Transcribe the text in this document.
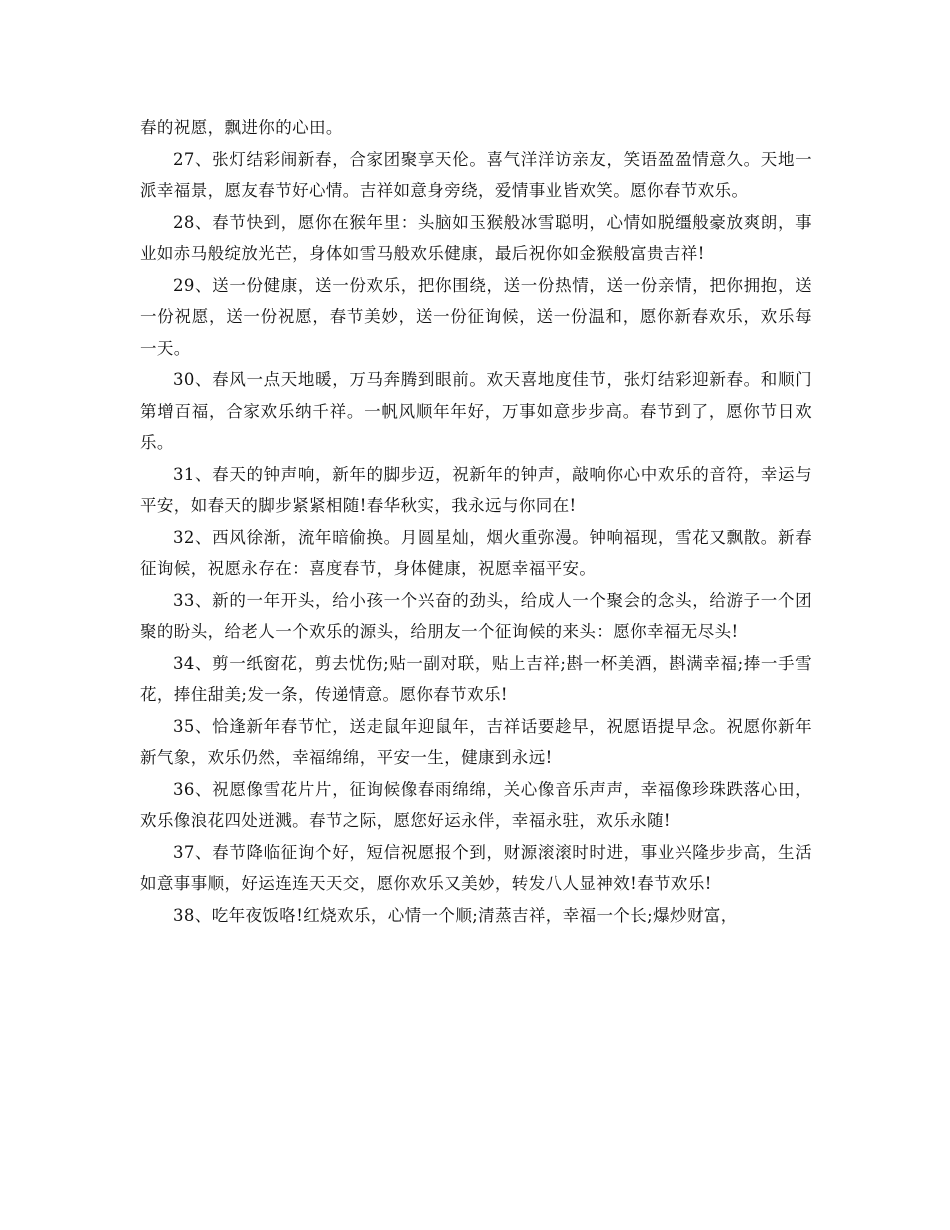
春的祝愿，飘进你的心田。

27、张灯结彩闹新春，合家团聚享天伦。喜气洋洋访亲友，笑语盈盈情意久。天地一派幸福景，愿友春节好心情。吉祥如意身旁绕，爱情事业皆欢笑。愿你春节欢乐。

28、春节快到，愿你在猴年里：头脑如玉猴般冰雪聪明，心情如脱缰般豪放爽朗，事业如赤马般绽放光芒，身体如雪马般欢乐健康，最后祝你如金猴般富贵吉祥!

29、送一份健康，送一份欢乐，把你围绕，送一份热情，送一份亲情，把你拥抱，送一份祝愿，送一份祝愿，春节美妙，送一份征询候，送一份温和，愿你新春欢乐，欢乐每一天。

30、春风一点天地暖，万马奔腾到眼前。欢天喜地度佳节，张灯结彩迎新春。和顺门第增百福，合家欢乐纳千祥。一帆风顺年年好，万事如意步步高。春节到了，愿你节日欢乐。

31、春天的钟声响，新年的脚步迈，祝新年的钟声，敲响你心中欢乐的音符，幸运与平安，如春天的脚步紧紧相随!春华秋实，我永远与你同在!

32、西风徐渐，流年暗偷换。月圆星灿，烟火重弥漫。钟响福现，雪花又飘散。新春征询候，祝愿永存在：喜度春节，身体健康，祝愿幸福平安。

33、新的一年开头，给小孩一个兴奋的劲头，给成人一个聚会的念头，给游子一个团聚的盼头，给老人一个欢乐的源头，给朋友一个征询候的来头：愿你幸福无尽头!

34、剪一纸窗花，剪去忧伤;贴一副对联，贴上吉祥;斟一杯美酒，斟满幸福;捧一手雪花，捧住甜美;发一条，传递情意。愿你春节欢乐!

35、恰逢新年春节忙，送走鼠年迎鼠年，吉祥话要趁早，祝愿语提早念。祝愿你新年新气象，欢乐仍然，幸福绵绵，平安一生，健康到永远!

36、祝愿像雪花片片，征询候像春雨绵绵，关心像音乐声声，幸福像珍珠跌落心田，欢乐像浪花四处迸溅。春节之际，愿您好运永伴，幸福永驻，欢乐永随!

37、春节降临征询个好，短信祝愿报个到，财源滚滚时时进，事业兴隆步步高，生活如意事事顺，好运连连天天交，愿你欢乐又美妙，转发八人显神效!春节欢乐!

38、吃年夜饭咯!红烧欢乐，心情一个顺;清蒸吉祥，幸福一个长;爆炒财富，
